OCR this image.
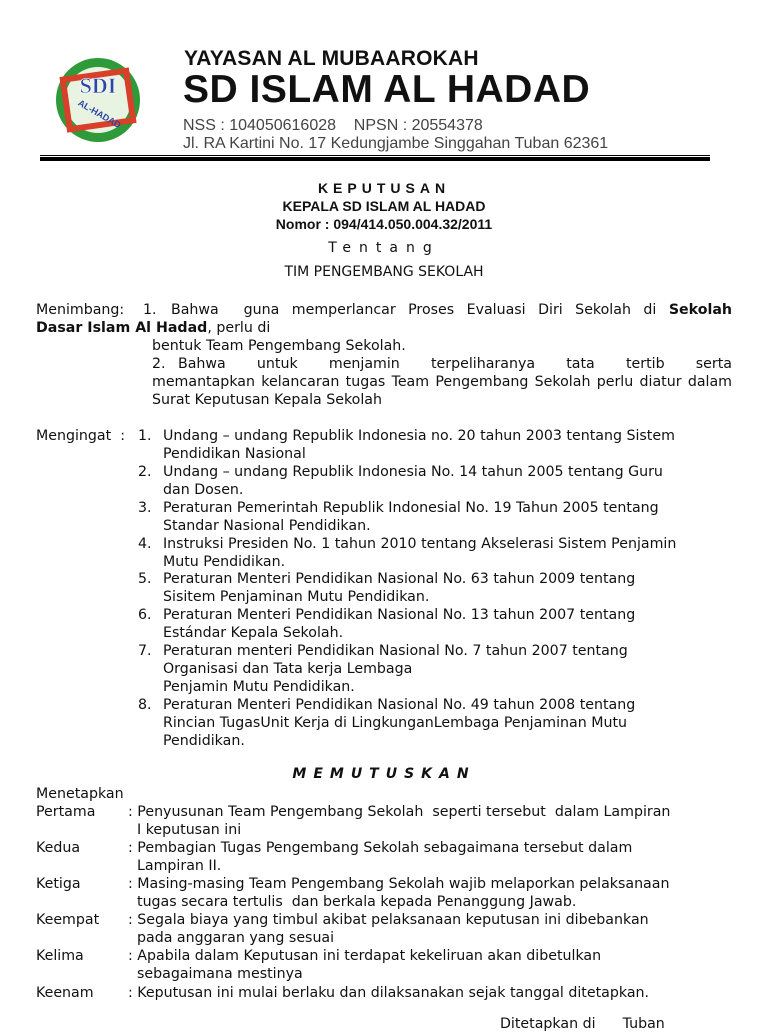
SDI
AL-HADAD
YAYASAN AL MUBAAROKAH
SD ISLAM AL HADAD
NSS : 104050616028    NPSN : 20554378
Jl. RA Kartini No. 17 Kedungjambe Singgahan Tuban 62361
KEPUTUSAN
KEPALA SD ISLAM AL HADAD
Nomor : 094/414.050.004.32/2011
Tentang
TIM PENGEMBANG SEKOLAH
Menimbang: 1. Bahwa  guna memperlancar Proses Evaluasi Diri Sekolah di Sekolah
Dasar Islam Al Hadad, perlu di
bentuk Team Pengembang Sekolah.
2. Bahwa   untuk   menjamin   terpeliharanya   tata   tertib   serta memantapkan kelancaran tugas Team Pengembang Sekolah perlu diatur dalam Surat Keputusan Kepala Sekolah
Mengingat : 1. Undang – undang Republik Indonesia no. 20 tahun 2003 tentang Sistem
Pendidikan Nasional
2. Undang – undang Republik Indonesia No. 14 tahun 2005 tentang Guru
dan Dosen.
3. Peraturan Pemerintah Republik Indonesial No. 19 Tahun 2005 tentang
Standar Nasional Pendidikan.
4. Instruksi Presiden No. 1 tahun 2010 tentang Akselerasi Sistem Penjamin
Mutu Pendidikan.
5. Peraturan Menteri Pendidikan Nasional No. 63 tahun 2009 tentang
Sisitem Penjaminan Mutu Pendidikan.
6. Peraturan Menteri Pendidikan Nasional No. 13 tahun 2007 tentang
Estándar Kepala Sekolah.
7. Peraturan menteri Pendidikan Nasional No. 7 tahun 2007 tentang
Organisasi dan Tata kerja Lembaga
Penjamin Mutu Pendidikan.
8. Peraturan Menteri Pendidikan Nasional No. 49 tahun 2008 tentang
Rincian TugasUnit Kerja di LingkunganLembaga Penjaminan Mutu
Pendidikan.
MEMUTUSKAN
Menetapkan
Pertama : Penyusunan Team Pengembang Sekolah  seperti tersebut  dalam Lampiran
I keputusan ini
Kedua	: Pembagian Tugas Pengembang Sekolah sebagaimana tersebut dalam
Lampiran II.
Ketiga	: Masing-masing Team Pengembang Sekolah wajib melaporkan pelaksanaan
tugas secara tertulis  dan berkala kepada Penanggung Jawab.
Keempat : Segala biaya yang timbul akibat pelaksanaan keputusan ini dibebankan
pada anggaran yang sesuai
Kelima	: Apabila dalam Keputusan ini terdapat kekeliruan akan dibetulkan
sebagaimana mestinya
Keenam : Keputusan ini mulai berlaku dan dilaksanakan sejak tanggal ditetapkan.
Ditetapkan di      Tuban
